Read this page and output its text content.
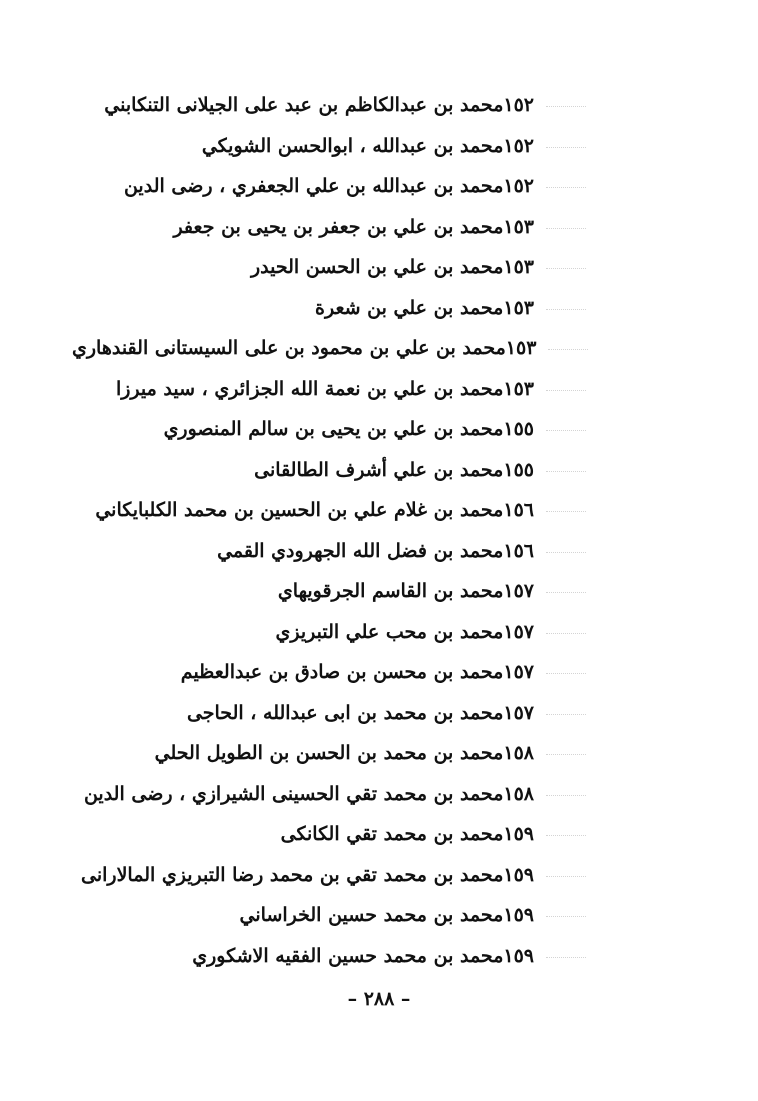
محمد بن عبدالكاظم بن عبد على الجيلانى التنكابني١٥٢
محمد بن عبدالله ، ابوالحسن الشويكي١٥٢
محمد بن عبدالله بن علي الجعفري ، رضى الدين١٥٢
محمد بن علي بن جعفر بن يحيى بن جعفر١٥٣
محمد بن علي بن الحسن الحيدر١٥٣
محمد بن علي بن شعرة١٥٣
محمد بن علي بن محمود بن على السيستانى القندهاري١٥٣
محمد بن علي بن نعمة الله الجزائري ، سيد ميرزا١٥٣
محمد بن علي بن يحيى بن سالم المنصوري١٥٥
محمد بن علي أشرف الطالقانى١٥٥
محمد بن غلام علي بن الحسين بن محمد الكلبايكاني١٥٦
محمد بن فضل الله الجهرودي القمي١٥٦
محمد بن القاسم الجرقويهاي١٥٧
محمد بن محب علي التبريزي١٥٧
محمد بن محسن بن صادق بن عبدالعظيم١٥٧
محمد بن محمد بن ابى عبدالله ، الحاجى١٥٧
محمد بن محمد بن الحسن بن الطويل الحلي١٥٨
محمد بن محمد تقي الحسينى الشيرازي ، رضى الدين١٥٨
محمد بن محمد تقي الكانكى١٥٩
محمد بن محمد تقي بن محمد رضا التبريزي المالارانى١٥٩
محمد بن محمد حسين الخراساني١٥٩
محمد بن محمد حسين الفقيه الاشكوري١٥٩
– ٢٨٨ –
